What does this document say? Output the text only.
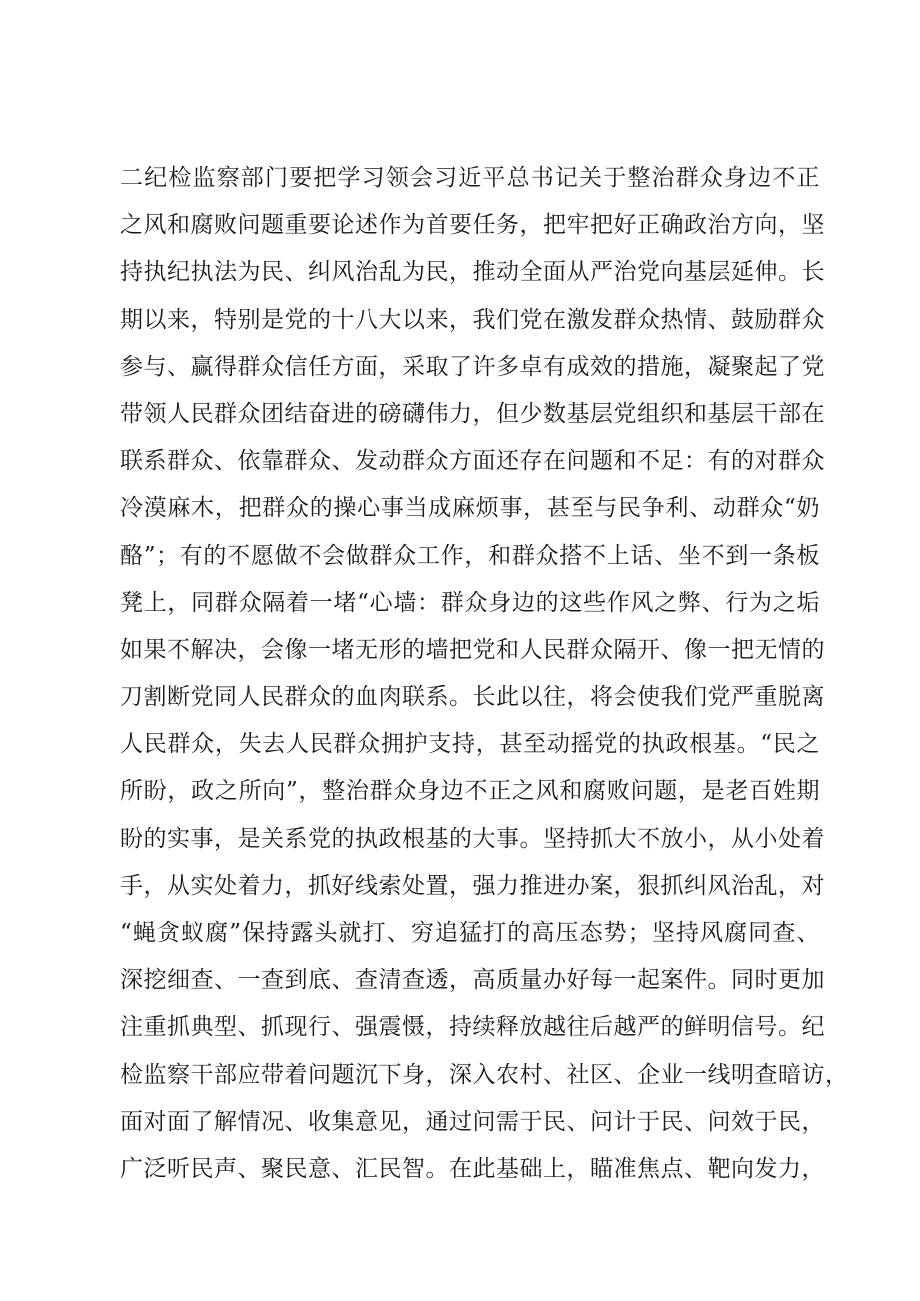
二纪检监察部门要把学习领会习近平总书记关于整治群众身边不正
之风和腐败问题重要论述作为首要任务，把牢把好正确政治方向，坚
持执纪执法为民、纠风治乱为民，推动全面从严治党向基层延伸。长
期以来，特别是党的十八大以来，我们党在激发群众热情、鼓励群众
参与、赢得群众信任方面，采取了许多卓有成效的措施，凝聚起了党
带领人民群众团结奋进的磅礴伟力，但少数基层党组织和基层干部在
联系群众、依靠群众、发动群众方面还存在问题和不足：有的对群众
冷漠麻木，把群众的操心事当成麻烦事，甚至与民争利、动群众“奶
酪”；有的不愿做不会做群众工作，和群众搭不上话、坐不到一条板
凳上，同群众隔着一堵“心墙：群众身边的这些作风之弊、行为之垢
如果不解决，会像一堵无形的墙把党和人民群众隔开、像一把无情的
刀割断党同人民群众的血肉联系。长此以往，将会使我们党严重脱离
人民群众，失去人民群众拥护支持，甚至动摇党的执政根基。“民之
所盼，政之所向”，整治群众身边不正之风和腐败问题，是老百姓期
盼的实事，是关系党的执政根基的大事。坚持抓大不放小，从小处着
手，从实处着力，抓好线索处置，强力推进办案，狠抓纠风治乱，对
“蝇贪蚁腐”保持露头就打、穷追猛打的高压态势；坚持风腐同查、
深挖细查、一查到底、查清查透，高质量办好每一起案件。同时更加
注重抓典型、抓现行、强震慑，持续释放越往后越严的鲜明信号。纪
检监察干部应带着问题沉下身，深入农村、社区、企业一线明查暗访，
面对面了解情况、收集意见，通过问需于民、问计于民、问效于民，
广泛听民声、聚民意、汇民智。在此基础上，瞄准焦点、靶向发力，
